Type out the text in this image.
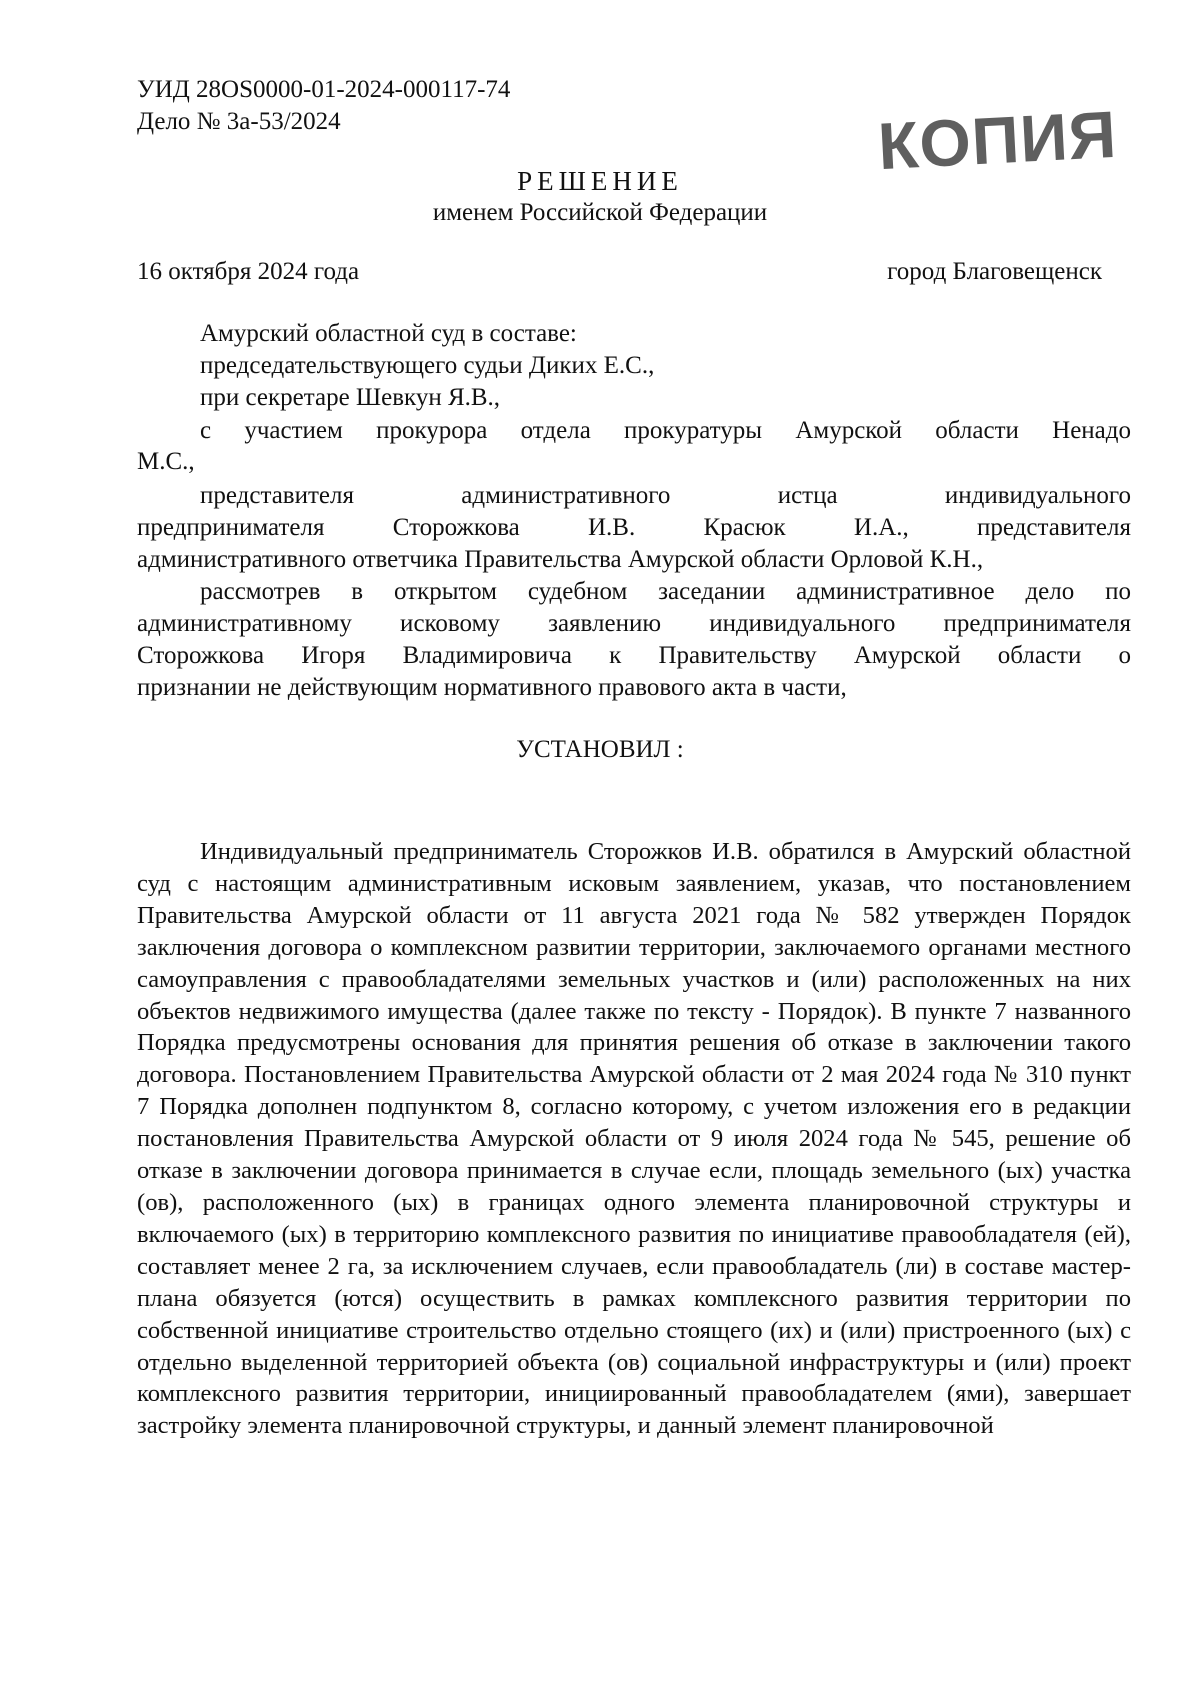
УИД 28OS0000-01-2024-000117-74
Дело № 3а-53/2024	КОПИЯ
РЕШЕНИЕ
именем Российской Федерации
16 октября 2024 года	город Благовещенск
Амурский областной суд в составе:
председательствующего судьи Диких Е.С.,
при секретаре Шевкун Я.В.,
с участием прокурора отдела прокуратуры Амурской области Ненадо
М.С.,
представителя административного истца индивидуального
предпринимателя Сторожкова И.В. Красюк И.А., представителя
административного ответчика Правительства Амурской области Орловой К.Н.,
рассмотрев в открытом судебном заседании административное дело по
административному исковому заявлению индивидуального предпринимателя
Сторожкова Игоря Владимировича к Правительству Амурской области о
признании не действующим нормативного правового акта в части,
УСТАНОВИЛ :
Индивидуальный предприниматель Сторожков И.В. обратился в Амурский областной суд с настоящим административным исковым заявлением, указав, что постановлением Правительства Амурской области от 11 августа 2021 года № 582 утвержден Порядок заключения договора о комплексном развитии территории, заключаемого органами местного самоуправления с правообладателями земельных участков и (или) расположенных на них объектов недвижимого имущества (далее также по тексту - Порядок). В пункте 7 названного Порядка предусмотрены основания для принятия решения об отказе в заключении такого договора. Постановлением Правительства Амурской области от 2 мая 2024 года № 310 пункт 7 Порядка дополнен подпунктом 8, согласно которому, с учетом изложения его в редакции постановления Правительства Амурской области от 9 июля 2024 года № 545, решение об отказе в заключении договора принимается в случае если, площадь земельного (ых) участка (ов), расположенного (ых) в границах одного элемента планировочной структуры и включаемого (ых) в территорию комплексного развития по инициативе правообладателя (ей), составляет менее 2 га, за исключением случаев, если правообладатель (ли) в составе мастер-плана обязуется (ются) осуществить в рамках комплексного развития территории по собственной инициативе строительство отдельно стоящего (их) и (или) пристроенного (ых) с отдельно выделенной территорией объекта (ов) социальной инфраструктуры и (или) проект комплексного развития территории, инициированный правообладателем (ями), завершает застройку элемента планировочной структуры, и данный элемент планировочной
